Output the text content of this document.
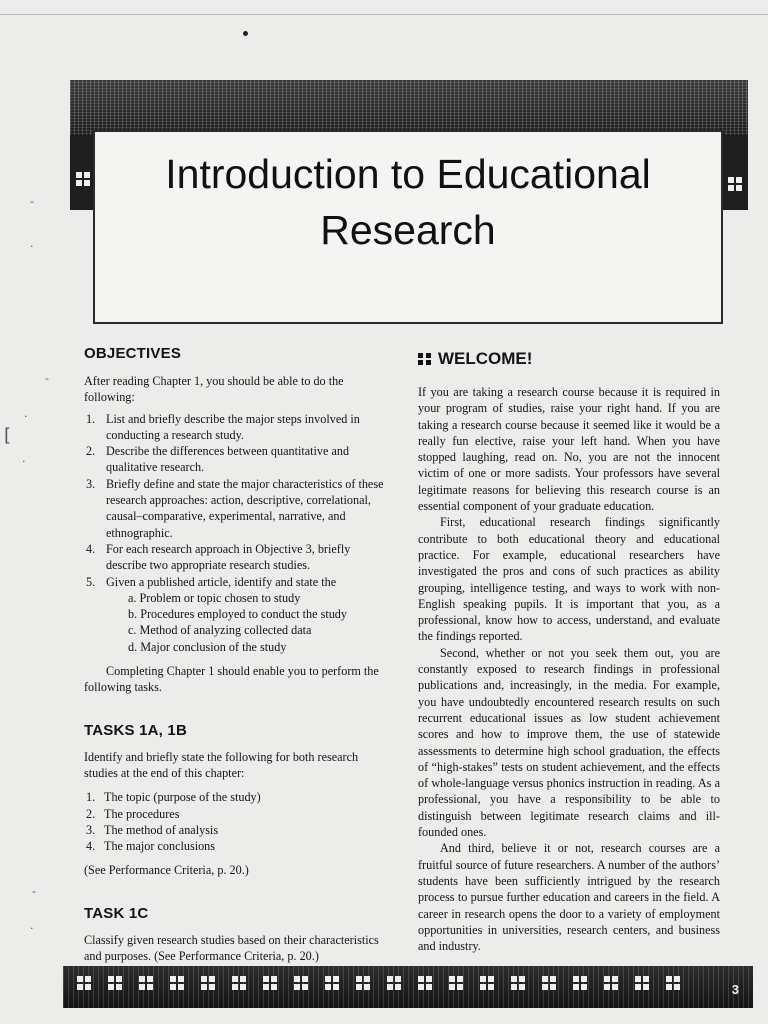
-
·
-
·
[
·
-
·
Introduction to Educational
Research
OBJECTIVES

After reading Chapter 1, you should be able to do the following:

1. List and briefly describe the major steps involved in conducting a research study.
2. Describe the differences between quantitative and qualitative research.
3. Briefly define and state the major characteristics of these research approaches: action, descriptive, correlational, causal–comparative, experimental, narrative, and ethnographic.
4. For each research approach in Objective 3, briefly describe two appropriate research studies.
5. Given a published article, identify and state the
a. Problem or topic chosen to study
b. Procedures employed to conduct the study
c. Method of analyzing collected data
d. Major conclusion of the study

Completing Chapter 1 should enable you to perform the following tasks.

TASKS 1A, 1B

Identify and briefly state the following for both research studies at the end of this chapter:

1. The topic (purpose of the study)
2. The procedures
3. The method of analysis
4. The major conclusions

(See Performance Criteria, p. 20.)

TASK 1C

Classify given research studies based on their characteristics and purposes. (See Performance Criteria, p. 20.)

WELCOME!

If you are taking a research course because it is required in your program of studies, raise your right hand. If you are taking a research course because it seemed like it would be a really fun elective, raise your left hand. When you have stopped laughing, read on. No, you are not the innocent victim of one or more sadists. Your professors have several legitimate reasons for believing this research course is an essential component of your graduate education.

First, educational research findings significantly contribute to both educational theory and educational practice. For example, educational researchers have investigated the pros and cons of such practices as ability grouping, intelligence testing, and ways to work with non-English speaking pupils. It is important that you, as a professional, know how to access, understand, and evaluate the findings reported.

Second, whether or not you seek them out, you are constantly exposed to research findings in professional publications and, increasingly, in the media. For example, you have undoubtedly encountered research results on such recurrent educational issues as low student achievement scores and how to improve them, the use of statewide assessments to determine high school graduation, the effects of “high-stakes” tests on student achievement, and the effects of whole-language versus phonics instruction in reading. As a professional, you have a responsibility to be able to distinguish between legitimate research claims and ill-founded ones.

And third, believe it or not, research courses are a fruitful source of future researchers. A number of the authors’ students have been sufficiently intrigued by the research process to pursue further education and careers in the field. A career in research opens the door to a variety of employment opportunities in universities, research centers, and business and industry.

3
